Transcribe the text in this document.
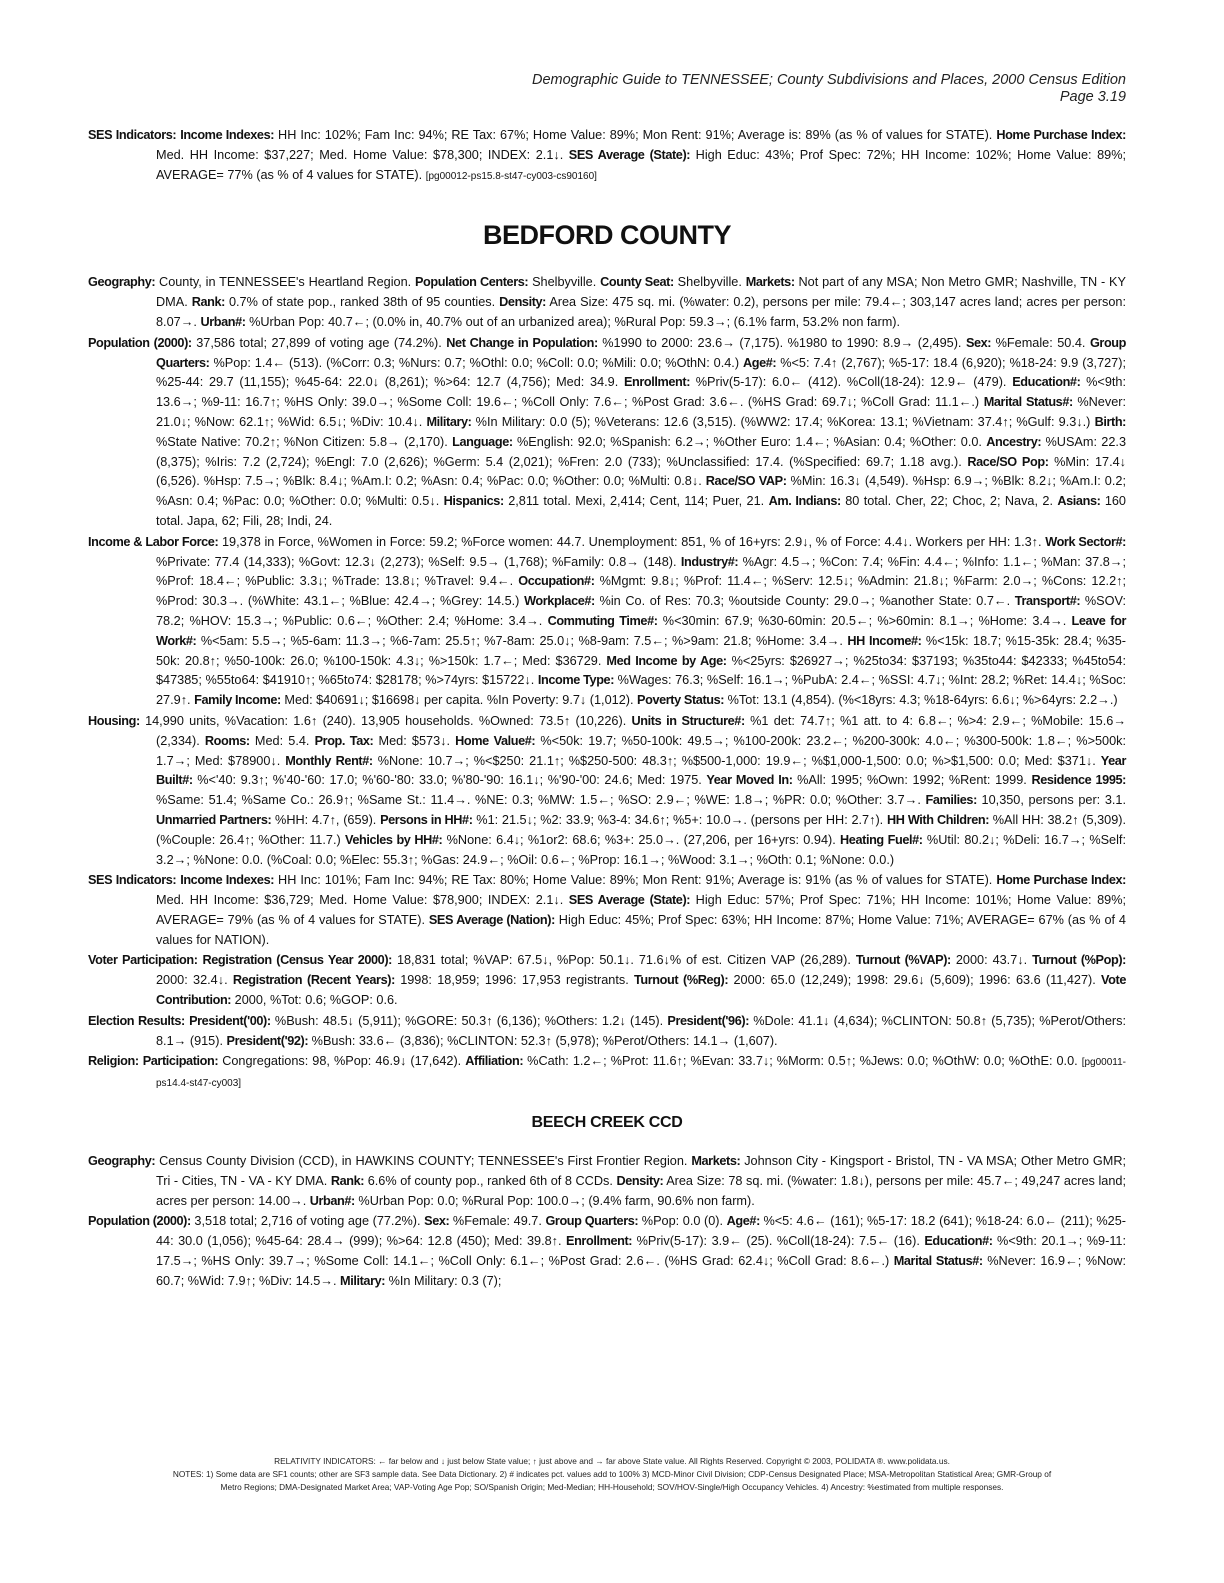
Demographic Guide to TENNESSEE; County Subdivisions and Places, 2000 Census Edition
Page 3.19

SES Indicators: Income Indexes: HH Inc: 102%; Fam Inc: 94%; RE Tax: 67%; Home Value: 89%; Mon Rent: 91%; Average is: 89% (as % of values for STATE). Home Purchase Index: Med. HH Income: $37,227; Med. Home Value: $78,300; INDEX: 2.1↓. SES Average (State): High Educ: 43%; Prof Spec: 72%; HH Income: 102%; Home Value: 89%; AVERAGE= 77% (as % of 4 values for STATE). [pg00012-ps15.8-st47-cy003-cs90160]

BEDFORD COUNTY

Geography: County, in TENNESSEE's Heartland Region. Population Centers: Shelbyville. County Seat: Shelbyville. Markets: Not part of any MSA; Non Metro GMR; Nashville, TN - KY DMA. Rank: 0.7% of state pop., ranked 38th of 95 counties. Density: Area Size: 475 sq. mi. (%water: 0.2), persons per mile: 79.4←; 303,147 acres land; acres per person: 8.07→. Urban#: %Urban Pop: 40.7←; (0.0% in, 40.7% out of an urbanized area); %Rural Pop: 59.3→; (6.1% farm, 53.2% non farm).

Population (2000): 37,586 total; 27,899 of voting age (74.2%). Net Change in Population: %1990 to 2000: 23.6→ (7,175). %1980 to 1990: 8.9→ (2,495). Sex: %Female: 50.4. Group Quarters: %Pop: 1.4← (513). (%Corr: 0.3; %Nurs: 0.7; %Othl: 0.0; %Coll: 0.0; %Mili: 0.0; %OthN: 0.4.) Age#: %<5: 7.4↑ (2,767); %5-17: 18.4 (6,920); %18-24: 9.9 (3,727); %25-44: 29.7 (11,155); %45-64: 22.0↓ (8,261); %>64: 12.7 (4,756); Med: 34.9. Enrollment: %Priv(5-17): 6.0← (412). %Coll(18-24): 12.9← (479). Education#: %<9th: 13.6→; %9-11: 16.7↑; %HS Only: 39.0→; %Some Coll: 19.6←; %Coll Only: 7.6←; %Post Grad: 3.6←. (%HS Grad: 69.7↓; %Coll Grad: 11.1←.) Marital Status#: %Never: 21.0↓; %Now: 62.1↑; %Wid: 6.5↓; %Div: 10.4↓. Military: %In Military: 0.0 (5); %Veterans: 12.6 (3,515). (%WW2: 17.4; %Korea: 13.1; %Vietnam: 37.4↑; %Gulf: 9.3↓.) Birth: %State Native: 70.2↑; %Non Citizen: 5.8→ (2,170). Language: %English: 92.0; %Spanish: 6.2→; %Other Euro: 1.4←; %Asian: 0.4; %Other: 0.0. Ancestry: %USAm: 22.3 (8,375); %Iris: 7.2 (2,724); %Engl: 7.0 (2,626); %Germ: 5.4 (2,021); %Fren: 2.0 (733); %Unclassified: 17.4. (%Specified: 69.7; 1.18 avg.). Race/SO Pop: %Min: 17.4↓ (6,526). %Hsp: 7.5→; %Blk: 8.4↓; %Am.I: 0.2; %Asn: 0.4; %Pac: 0.0; %Other: 0.0; %Multi: 0.8↓. Race/SO VAP: %Min: 16.3↓ (4,549). %Hsp: 6.9→; %Blk: 8.2↓; %Am.I: 0.2; %Asn: 0.4; %Pac: 0.0; %Other: 0.0; %Multi: 0.5↓. Hispanics: 2,811 total. Mexi, 2,414; Cent, 114; Puer, 21. Am. Indians: 80 total. Cher, 22; Choc, 2; Nava, 2. Asians: 160 total. Japa, 62; Fili, 28; Indi, 24.

Income & Labor Force: 19,378 in Force, %Women in Force: 59.2; %Force women: 44.7. Unemployment: 851, % of 16+yrs: 2.9↓, % of Force: 4.4↓. Workers per HH: 1.3↑. Work Sector#: %Private: 77.4 (14,333); %Govt: 12.3↓ (2,273); %Self: 9.5→ (1,768); %Family: 0.8→ (148). Industry#: %Agr: 4.5→; %Con: 7.4; %Fin: 4.4←; %Info: 1.1←; %Man: 37.8→; %Prof: 18.4←; %Public: 3.3↓; %Trade: 13.8↓; %Travel: 9.4←. Occupation#: %Mgmt: 9.8↓; %Prof: 11.4←; %Serv: 12.5↓; %Admin: 21.8↓; %Farm: 2.0→; %Cons: 12.2↑; %Prod: 30.3→. (%White: 43.1←; %Blue: 42.4→; %Grey: 14.5.) Workplace#: %in Co. of Res: 70.3; %outside County: 29.0→; %another State: 0.7←. Transport#: %SOV: 78.2; %HOV: 15.3→; %Public: 0.6←; %Other: 2.4; %Home: 3.4→. Commuting Time#: %<30min: 67.9; %30-60min: 20.5←; %>60min: 8.1→; %Home: 3.4→. Leave for Work#: %<5am: 5.5→; %5-6am: 11.3→; %6-7am: 25.5↑; %7-8am: 25.0↓; %8-9am: 7.5←; %>9am: 21.8; %Home: 3.4→. HH Income#: %<15k: 18.7; %15-35k: 28.4; %35-50k: 20.8↑; %50-100k: 26.0; %100-150k: 4.3↓; %>150k: 1.7←; Med: $36729. Med Income by Age: %<25yrs: $26927→; %25to34: $37193; %35to44: $42333; %45to54: $47385; %55to64: $41910↑; %65to74: $28178; %>74yrs: $15722↓. Income Type: %Wages: 76.3; %Self: 16.1→; %PubA: 2.4←; %SSI: 4.7↓; %Int: 28.2; %Ret: 14.4↓; %Soc: 27.9↑. Family Income: Med: $40691↓; $16698↓ per capita. %In Poverty: 9.7↓ (1,012). Poverty Status: %Tot: 13.1 (4,854). (%<18yrs: 4.3; %18-64yrs: 6.6↓; %>64yrs: 2.2→.)

Housing: 14,990 units, %Vacation: 1.6↑ (240). 13,905 households. %Owned: 73.5↑ (10,226). Units in Structure#: %1 det: 74.7↑; %1 att. to 4: 6.8←; %>4: 2.9←; %Mobile: 15.6→ (2,334). Rooms: Med: 5.4. Prop. Tax: Med: $573↓. Home Value#: %<50k: 19.7; %50-100k: 49.5→; %100-200k: 23.2←; %200-300k: 4.0←; %300-500k: 1.8←; %>500k: 1.7→; Med: $78900↓. Monthly Rent#: %None: 10.7→; %<$250: 21.1↑; %$250-500: 48.3↑; %$500-1,000: 19.9←; %$1,000-1,500: 0.0; %>$1,500: 0.0; Med: $371↓. Year Built#: %<'40: 9.3↑; %'40-'60: 17.0; %'60-'80: 33.0; %'80-'90: 16.1↓; %'90-'00: 24.6; Med: 1975. Year Moved In: %All: 1995; %Own: 1992; %Rent: 1999. Residence 1995: %Same: 51.4; %Same Co.: 26.9↑; %Same St.: 11.4→. %NE: 0.3; %MW: 1.5←; %SO: 2.9←; %WE: 1.8→; %PR: 0.0; %Other: 3.7→. Families: 10,350, persons per: 3.1. Unmarried Partners: %HH: 4.7↑, (659). Persons in HH#: %1: 21.5↓; %2: 33.9; %3-4: 34.6↑; %5+: 10.0→. (persons per HH: 2.7↑). HH With Children: %All HH: 38.2↑ (5,309). (%Couple: 26.4↑; %Other: 11.7.) Vehicles by HH#: %None: 6.4↓; %1or2: 68.6; %3+: 25.0→. (27,206, per 16+yrs: 0.94). Heating Fuel#: %Util: 80.2↓; %Deli: 16.7→; %Self: 3.2→; %None: 0.0. (%Coal: 0.0; %Elec: 55.3↑; %Gas: 24.9←; %Oil: 0.6←; %Prop: 16.1→; %Wood: 3.1→; %Oth: 0.1; %None: 0.0.)

SES Indicators: Income Indexes: HH Inc: 101%; Fam Inc: 94%; RE Tax: 80%; Home Value: 89%; Mon Rent: 91%; Average is: 91% (as % of values for STATE). Home Purchase Index: Med. HH Income: $36,729; Med. Home Value: $78,900; INDEX: 2.1↓. SES Average (State): High Educ: 57%; Prof Spec: 71%; HH Income: 101%; Home Value: 89%; AVERAGE= 79% (as % of 4 values for STATE). SES Average (Nation): High Educ: 45%; Prof Spec: 63%; HH Income: 87%; Home Value: 71%; AVERAGE= 67% (as % of 4 values for NATION).

Voter Participation: Registration (Census Year 2000): 18,831 total; %VAP: 67.5↓, %Pop: 50.1↓. 71.6↓% of est. Citizen VAP (26,289). Turnout (%VAP): 2000: 43.7↓. Turnout (%Pop): 2000: 32.4↓. Registration (Recent Years): 1998: 18,959; 1996: 17,953 registrants. Turnout (%Reg): 2000: 65.0 (12,249); 1998: 29.6↓ (5,609); 1996: 63.6 (11,427). Vote Contribution: 2000, %Tot: 0.6; %GOP: 0.6.

Election Results: President('00): %Bush: 48.5↓ (5,911); %GORE: 50.3↑ (6,136); %Others: 1.2↓ (145). President('96): %Dole: 41.1↓ (4,634); %CLINTON: 50.8↑ (5,735); %Perot/Others: 8.1→ (915). President('92): %Bush: 33.6← (3,836); %CLINTON: 52.3↑ (5,978); %Perot/Others: 14.1→ (1,607).

Religion: Participation: Congregations: 98, %Pop: 46.9↓ (17,642). Affiliation: %Cath: 1.2←; %Prot: 11.6↑; %Evan: 33.7↓; %Morm: 0.5↑; %Jews: 0.0; %OthW: 0.0; %OthE: 0.0. [pg00011-ps14.4-st47-cy003]

BEECH CREEK CCD

Geography: Census County Division (CCD), in HAWKINS COUNTY; TENNESSEE's First Frontier Region. Markets: Johnson City - Kingsport - Bristol, TN - VA MSA; Other Metro GMR; Tri - Cities, TN - VA - KY DMA. Rank: 6.6% of county pop., ranked 6th of 8 CCDs. Density: Area Size: 78 sq. mi. (%water: 1.8↓), persons per mile: 45.7←; 49,247 acres land; acres per person: 14.00→. Urban#: %Urban Pop: 0.0; %Rural Pop: 100.0→; (9.4% farm, 90.6% non farm).

Population (2000): 3,518 total; 2,716 of voting age (77.2%). Sex: %Female: 49.7. Group Quarters: %Pop: 0.0 (0). Age#: %<5: 4.6← (161); %5-17: 18.2 (641); %18-24: 6.0← (211); %25-44: 30.0 (1,056); %45-64: 28.4→ (999); %>64: 12.8 (450); Med: 39.8↑. Enrollment: %Priv(5-17): 3.9← (25). %Coll(18-24): 7.5← (16). Education#: %<9th: 20.1→; %9-11: 17.5→; %HS Only: 39.7→; %Some Coll: 14.1←; %Coll Only: 6.1←; %Post Grad: 2.6←. (%HS Grad: 62.4↓; %Coll Grad: 8.6←.) Marital Status#: %Never: 16.9←; %Now: 60.7; %Wid: 7.9↑; %Div: 14.5→. Military: %In Military: 0.3 (7);

RELATIVITY INDICATORS: ← far below and ↓ just below State value; ↑ just above and → far above State value. All Rights Reserved. Copyright © 2003, POLIDATA ®. www.polidata.us.
NOTES: 1) Some data are SF1 counts; other are SF3 sample data. See Data Dictionary. 2) # indicates pct. values add to 100% 3) MCD-Minor Civil Division; CDP-Census Designated Place; MSA-Metropolitan Statistical Area; GMR-Group of
Metro Regions; DMA-Designated Market Area; VAP-Voting Age Pop; SO/Spanish Origin; Med-Median; HH-Household; SOV/HOV-Single/High Occupancy Vehicles. 4) Ancestry: %estimated from multiple responses.
